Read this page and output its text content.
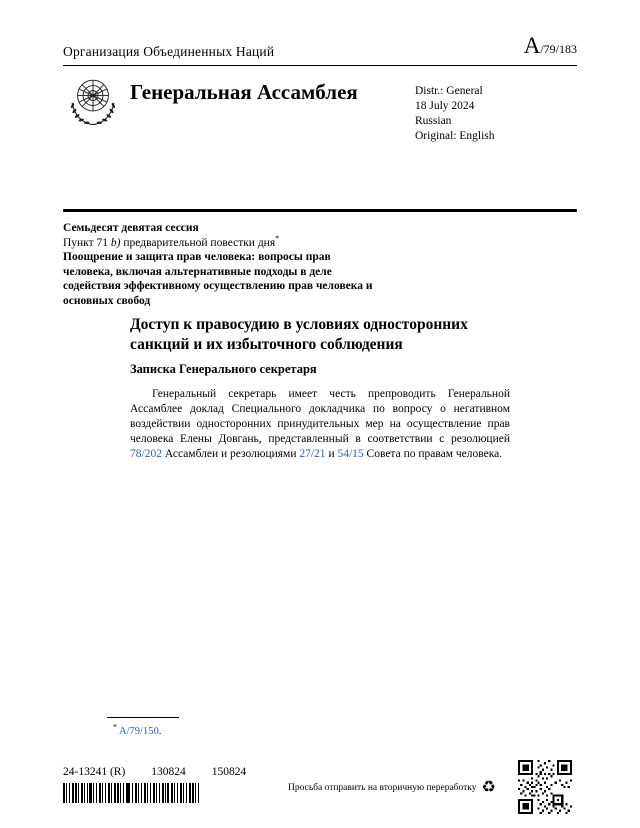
Организация Объединенных Наций	A/79/183
Генеральная Ассамблея	Distr.: General
18 July 2024
Russian
Original: English
Семьдесят девятая сессия
Пункт 71 b) предварительной повестки дня*
Поощрение и защита прав человека: вопросы прав человека, включая альтернативные подходы в деле содействия эффективному осуществлению прав человека и основных свобод
Доступ к правосудию в условиях односторонних санкций и их избыточного соблюдения
Записка Генерального секретаря

Генеральный секретарь имеет честь препроводить Генеральной Ассамблее доклад Специального докладчика по вопросу о негативном воздействии односторонних принудительных мер на осуществление прав человека Елены Довгань, представленный в соответствии с резолюцией 78/202 Ассамблеи и резолюциями 27/21 и 54/15 Совета по правам человека.

* A/79/150.
24-13241 (R) 130824 150824
Просьба отправить на вторичную переработку ♻
